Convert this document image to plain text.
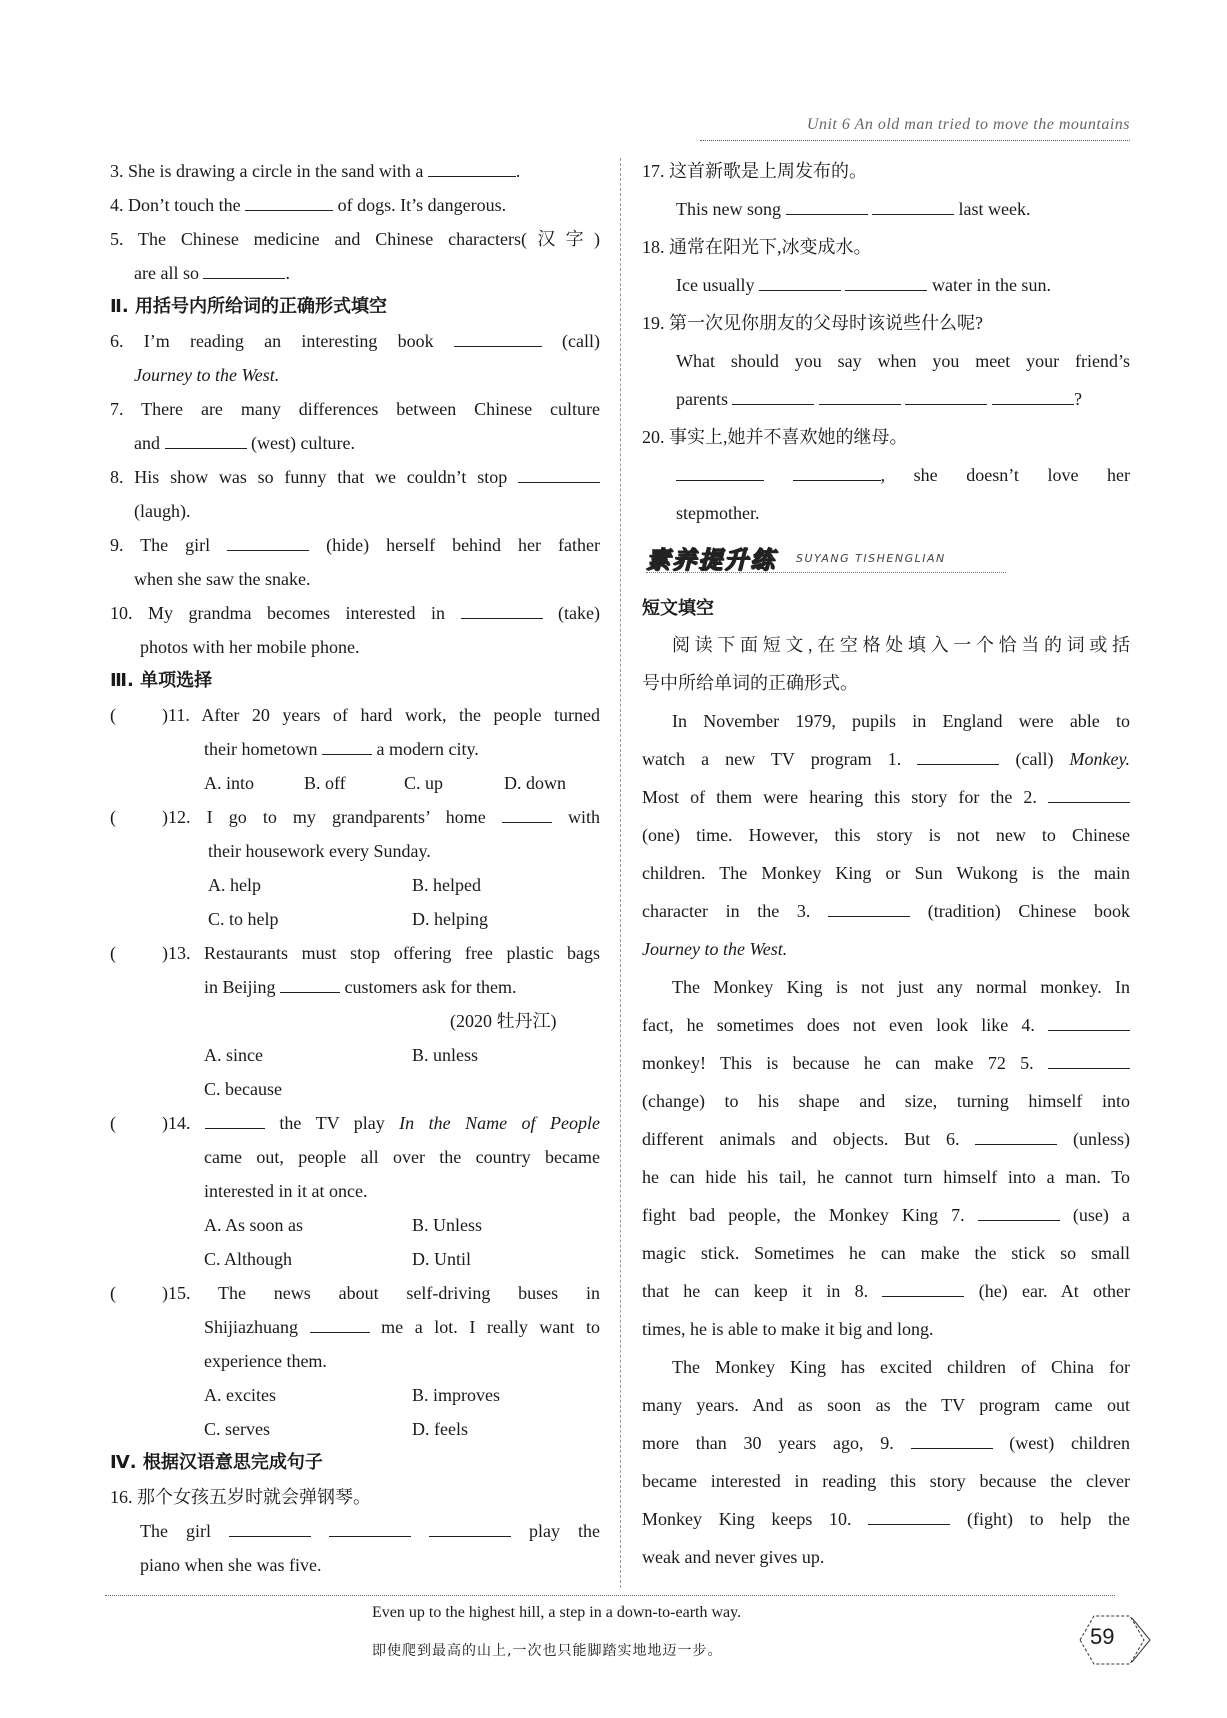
Unit 6 An old man tried to move the mountains
3. She is drawing a circle in the sand with a	.
4. Don’t touch the	of dogs. It’s dangerous.
5. The Chinese medicine and Chinese characters(汉字)
are all so	.
Ⅱ. 用括号内所给词的正确形式填空
6. I’m reading an interesting book	(call)
Journey to the West.
7. There are many differences between Chinese culture
and	(west) culture.
8. His show was so funny that we couldn’t stop
(laugh).
9. The girl	(hide) herself behind her father
when she saw the snake.
10. My grandma becomes interested in	(take)
photos with her mobile phone.
Ⅲ. 单项选择
(	)11. After 20 years of hard work, the people turned
their hometown	a modern city.
A. into	B. off	C. up	D. down
(	)12. I go to my grandparents’ home	with
their housework every Sunday.
A. help	B. helped
C. to help	D. helping
(	)13. Restaurants must stop offering free plastic bags
in Beijing	customers ask for them.
(2020 牡丹江)
A. since	B. unless
C. because
(	)14.	the TV play In the Name of People
came out, people all over the country became
interested in it at once.
A. As soon as	B. Unless
C. Although	D. Until
(	)15. The news about self-driving buses in
Shijiazhuang	me a lot. I really want to
experience them.
A. excites	B. improves
C. serves	D. feels
Ⅳ. 根据汉语意思完成句子
16. 那个女孩五岁时就会弹钢琴。
The girl	play the
piano when she was five.
17. 这首新歌是上周发布的。
This new song	last week.
18. 通常在阳光下,冰变成水。
Ice usually	water in the sun.
19. 第一次见你朋友的父母时该说些什么呢?
What should you say when you meet your friend’s
parents	?
20. 事实上,她并不喜欢她的继母。
, she doesn’t love her
stepmother.
短文填空
阅读下面短文,在空格处填入一个恰当的词或括
号中所给单词的正确形式。
In November 1979, pupils in England were able to
watch a new TV program 1.	(call) Monkey.
Most of them were hearing this story for the 2.
(one) time. However, this story is not new to Chinese
children. The Monkey King or Sun Wukong is the main
character in the 3.	(tradition) Chinese book
Journey to the West.
The Monkey King is not just any normal monkey. In
fact, he sometimes does not even look like 4.
monkey! This is because he can make 72 5.
(change) to his shape and size, turning himself into
different animals and objects. But 6.	(unless)
he can hide his tail, he cannot turn himself into a man. To
fight bad people, the Monkey King 7.	(use) a
magic stick. Sometimes he can make the stick so small
that he can keep it in 8.	(he) ear. At other
times, he is able to make it big and long.
The Monkey King has excited children of China for
many years. And as soon as the TV program came out
more than 30 years ago, 9.	(west) children
became interested in reading this story because the clever
Monkey King keeps 10.	(fight) to help the
weak and never gives up.
素养提升练 SUYANG TISHENGLIAN
Even up to the highest hill, a step in a down-to-earth way.
即使爬到最高的山上,一次也只能脚踏实地地迈一步。
59
